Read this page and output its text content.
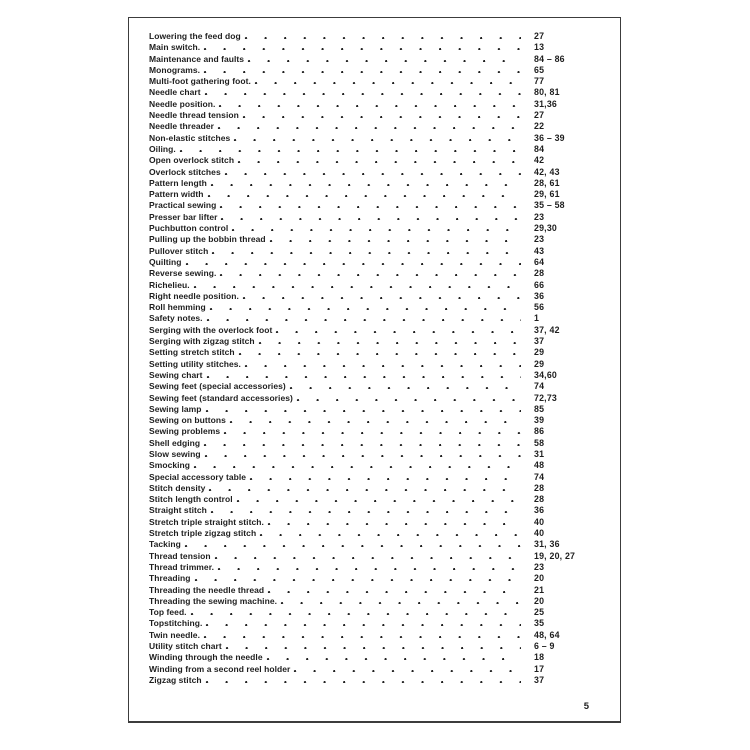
Lowering the feed dog	27
Main switch.	13
Maintenance and faults	84 – 86
Monograms.	65
Multi-foot gathering foot.	77
Needle chart	80, 81
Needle position.	31,36
Needle thread tension	27
Needle threader	22
Non-elastic stitches	36 – 39
Oiling.	84
Open overlock stitch	42
Overlock stitches	42, 43
Pattern length	28, 61
Pattern width	29, 61
Practical sewing	35 – 58
Presser bar lifter	23
Puchbutton control	29,30
Pulling up the bobbin thread	23
Pullover stitch	43
Quilting	64
Reverse sewing.	28
Richelieu.	66
Right needle position.	36
Roll hemming	56
Safety notes.	1
Serging with the overlock foot	37, 42
Serging with zigzag stitch	37
Setting stretch stitch	29
Setting utility stitches.	29
Sewing chart	34,60
Sewing feet (special accessories)	74
Sewing feet (standard accessories)	72,73
Sewing lamp	85
Sewing on buttons	39
Sewing problems	86
Shell edging	58
Slow sewing	31
Smocking	48
Special accessory table	74
Stitch density	28
Stitch length control	28
Straight stitch	36
Stretch triple straight stitch.	40
Stretch triple zigzag stitch	40
Tacking	31, 36
Thread tension	19, 20, 27
Thread trimmer.	23
Threading	20
Threading the needle thread	21
Threading the sewing machine.	20
Top feed.	25
Topstitching.	35
Twin needle.	48, 64
Utility stitch chart	6 – 9
Winding through the needle	18
Winding from a second reel holder	17
Zigzag stitch	37
5
